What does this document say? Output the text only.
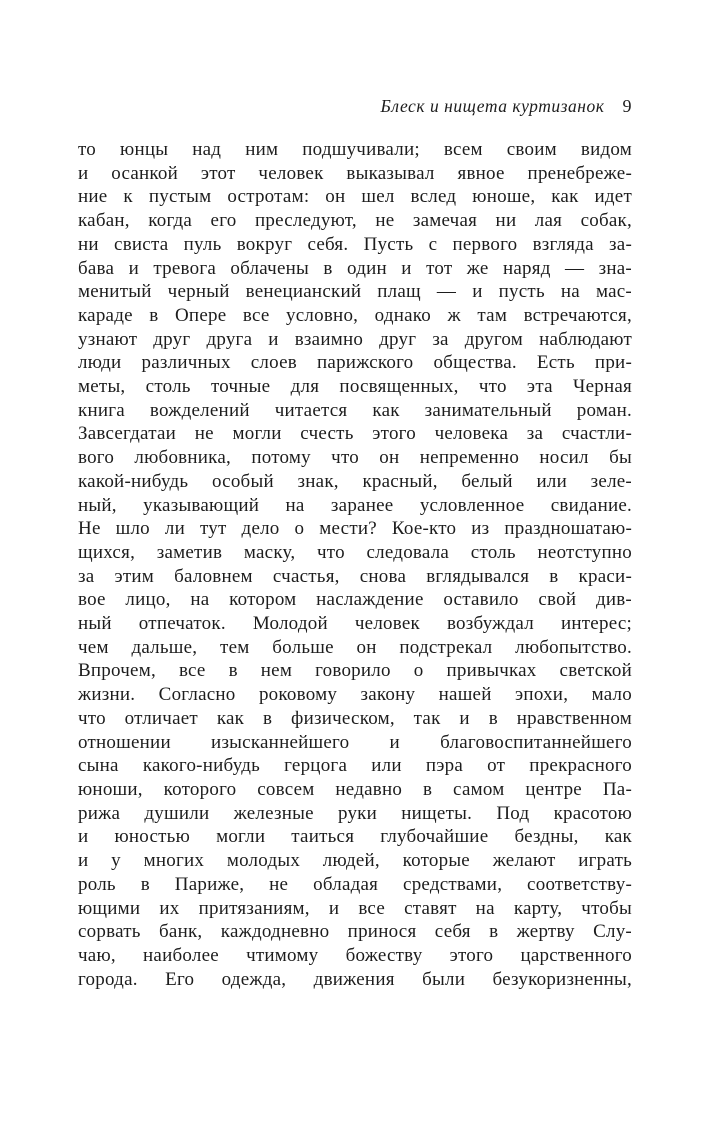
Блеск и нищета куртизанок 9
то юнцы над ним подшучивали; всем своим видом
и осанкой этот человек выказывал явное пренебреже-
ние к пустым остротам: он шел вслед юноше, как идет
кабан, когда его преследуют, не замечая ни лая собак,
ни свиста пуль вокруг себя. Пусть с первого взгляда за-
бава и тревога облачены в один и тот же наряд — зна-
менитый черный венецианский плащ — и пусть на мас-
караде в Опере все условно, однако ж там встречаются,
узнают друг друга и взаимно друг за другом наблюдают
люди различных слоев парижского общества. Есть при-
меты, столь точные для посвященных, что эта Черная
книга вожделений читается как занимательный роман.
Завсегдатаи не могли счесть этого человека за счастли-
вого любовника, потому что он непременно носил бы
какой-нибудь особый знак, красный, белый или зеле-
ный, указывающий на заранее условленное свидание.
Не шло ли тут дело о мести? Кое-кто из праздношатаю-
щихся, заметив маску, что следовала столь неотступно
за этим баловнем счастья, снова вглядывался в краси-
вое лицо, на котором наслаждение оставило свой див-
ный отпечаток. Молодой человек возбуждал интерес;
чем дальше, тем больше он подстрекал любопытство.
Впрочем, все в нем говорило о привычках светской
жизни. Согласно роковому закону нашей эпохи, мало
что отличает как в физическом, так и в нравственном
отношении изысканнейшего и благовоспитаннейшего
сына какого-нибудь герцога или пэра от прекрасного
юноши, которого совсем недавно в самом центре Па-
рижа душили железные руки нищеты. Под красотою
и юностью могли таиться глубочайшие бездны, как
и у многих молодых людей, которые желают играть
роль в Париже, не обладая средствами, соответству-
ющими их притязаниям, и все ставят на карту, чтобы
сорвать банк, каждодневно принося себя в жертву Слу-
чаю, наиболее чтимому божеству этого царственного
города. Его одежда, движения были безукоризненны,
